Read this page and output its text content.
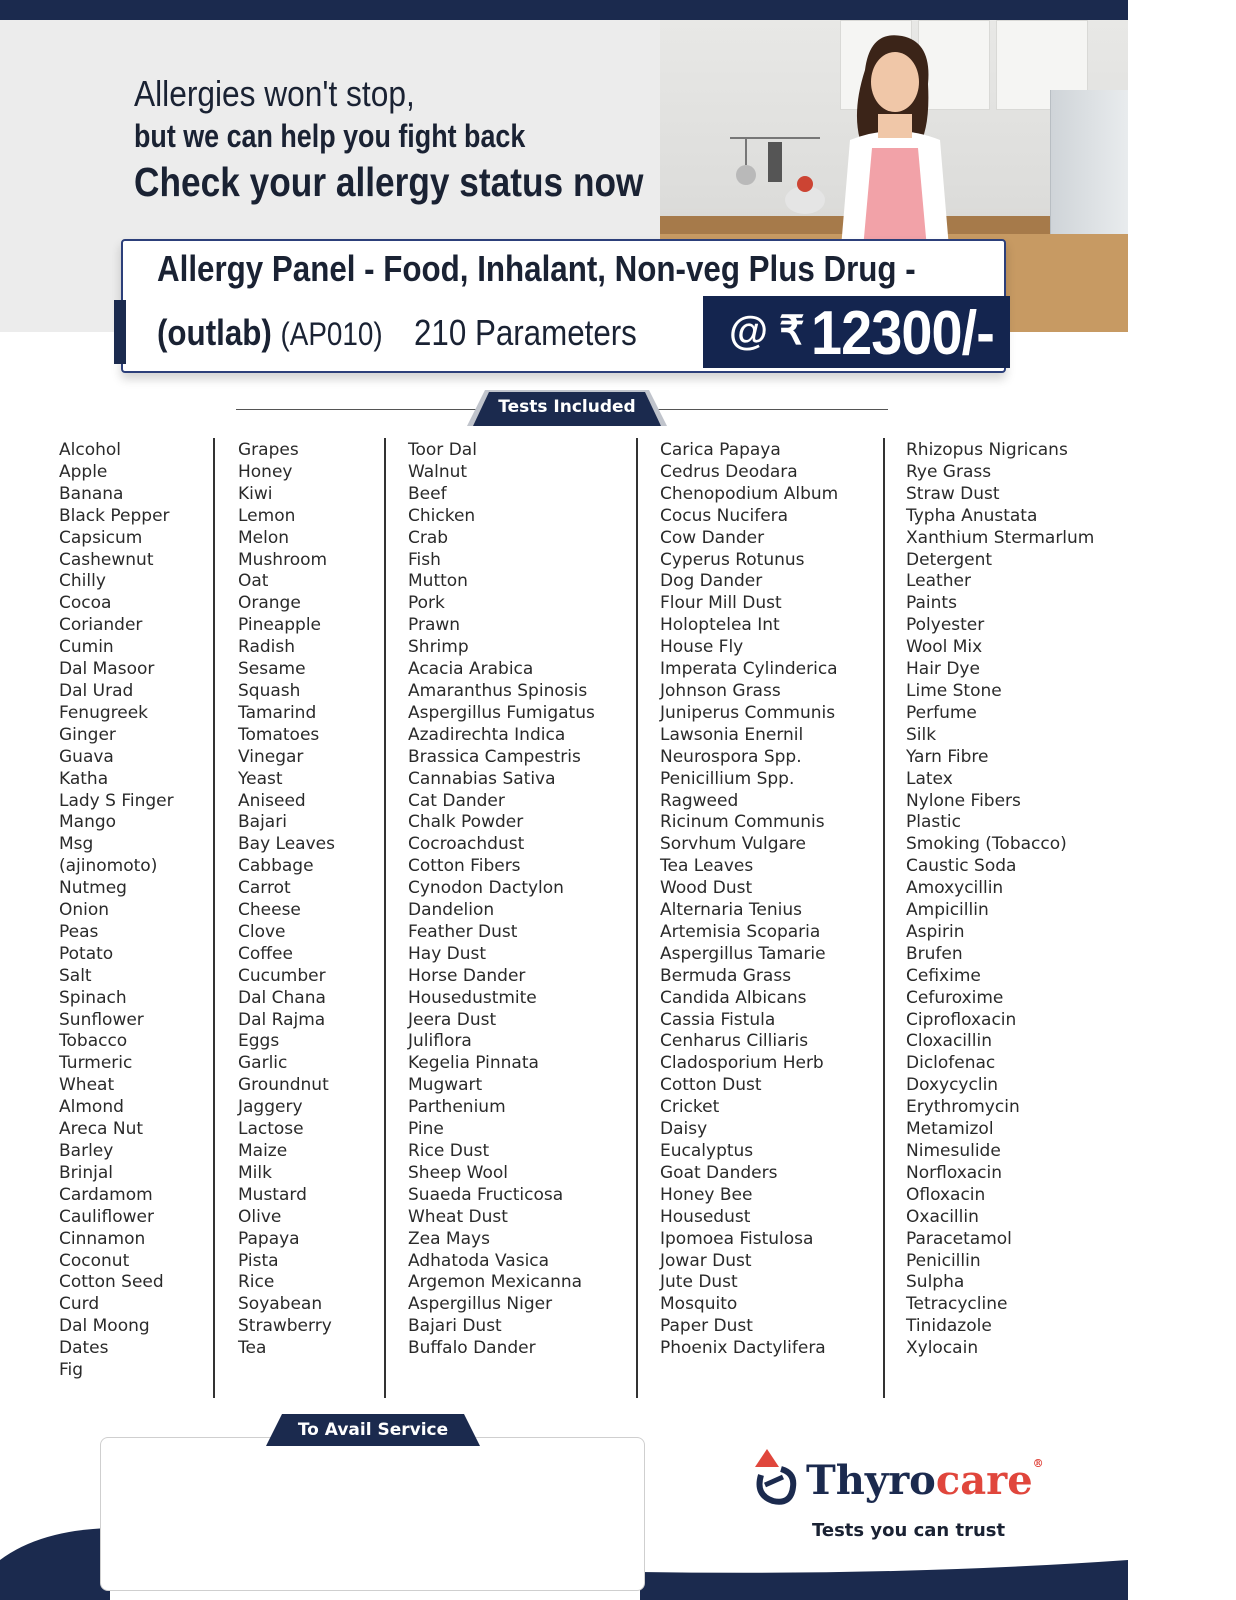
Allergies won't stop,
but we can help you fight back
Check your allergy status now
Allergy Panel - Food, Inhalant, Non-veg Plus Drug -
(outlab) (AP010) 210 Parameters @ ₹ 12300/-
Tests Included
Alcohol
Apple
Banana
Black Pepper
Capsicum
Cashewnut
Chilly
Cocoa
Coriander
Cumin
Dal Masoor
Dal Urad
Fenugreek
Ginger
Guava
Katha
Lady S Finger
Mango
Msg
(ajinomoto)
Nutmeg
Onion
Peas
Potato
Salt
Spinach
Sunflower
Tobacco
Turmeric
Wheat
Almond
Areca Nut
Barley
Brinjal
Cardamom
Cauliflower
Cinnamon
Coconut
Cotton Seed
Curd
Dal Moong
Dates
Fig
Grapes
Honey
Kiwi
Lemon
Melon
Mushroom
Oat
Orange
Pineapple
Radish
Sesame
Squash
Tamarind
Tomatoes
Vinegar
Yeast
Aniseed
Bajari
Bay Leaves
Cabbage
Carrot
Cheese
Clove
Coffee
Cucumber
Dal Chana
Dal Rajma
Eggs
Garlic
Groundnut
Jaggery
Lactose
Maize
Milk
Mustard
Olive
Papaya
Pista
Rice
Soyabean
Strawberry
Tea
Toor Dal
Walnut
Beef
Chicken
Crab
Fish
Mutton
Pork
Prawn
Shrimp
Acacia Arabica
Amaranthus Spinosis
Aspergillus Fumigatus
Azadirechta Indica
Brassica Campestris
Cannabias Sativa
Cat Dander
Chalk Powder
Cocroachdust
Cotton Fibers
Cynodon Dactylon
Dandelion
Feather Dust
Hay Dust
Horse Dander
Housedustmite
Jeera Dust
Juliflora
Kegelia Pinnata
Mugwart
Parthenium
Pine
Rice Dust
Sheep Wool
Suaeda Fructicosa
Wheat Dust
Zea Mays
Adhatoda Vasica
Argemon Mexicanna
Aspergillus Niger
Bajari Dust
Buffalo Dander
Carica Papaya
Cedrus Deodara
Chenopodium Album
Cocus Nucifera
Cow Dander
Cyperus Rotunus
Dog Dander
Flour Mill Dust
Holoptelea Int
House Fly
Imperata Cylinderica
Johnson Grass
Juniperus Communis
Lawsonia Enernil
Neurospora Spp.
Penicillium Spp.
Ragweed
Ricinum Communis
Sorvhum Vulgare
Tea Leaves
Wood Dust
Alternaria Tenius
Artemisia Scoparia
Aspergillus Tamarie
Bermuda Grass
Candida Albicans
Cassia Fistula
Cenharus Cilliaris
Cladosporium Herb
Cotton Dust
Cricket
Daisy
Eucalyptus
Goat Danders
Honey Bee
Housedust
Ipomoea Fistulosa
Jowar Dust
Jute Dust
Mosquito
Paper Dust
Phoenix Dactylifera
Rhizopus Nigricans
Rye Grass
Straw Dust
Typha Anustata
Xanthium Stermarlum
Detergent
Leather
Paints
Polyester
Wool Mix
Hair Dye
Lime Stone
Perfume
Silk
Yarn Fibre
Latex
Nylone Fibers
Plastic
Smoking (Tobacco)
Caustic Soda
Amoxycillin
Ampicillin
Aspirin
Brufen
Cefixime
Cefuroxime
Ciprofloxacin
Cloxacillin
Diclofenac
Doxycyclin
Erythromycin
Metamizol
Nimesulide
Norfloxacin
Ofloxacin
Oxacillin
Paracetamol
Penicillin
Sulpha
Tetracycline
Tinidazole
Xylocain
To Avail Service
Thyrocare®
Tests you can trust
